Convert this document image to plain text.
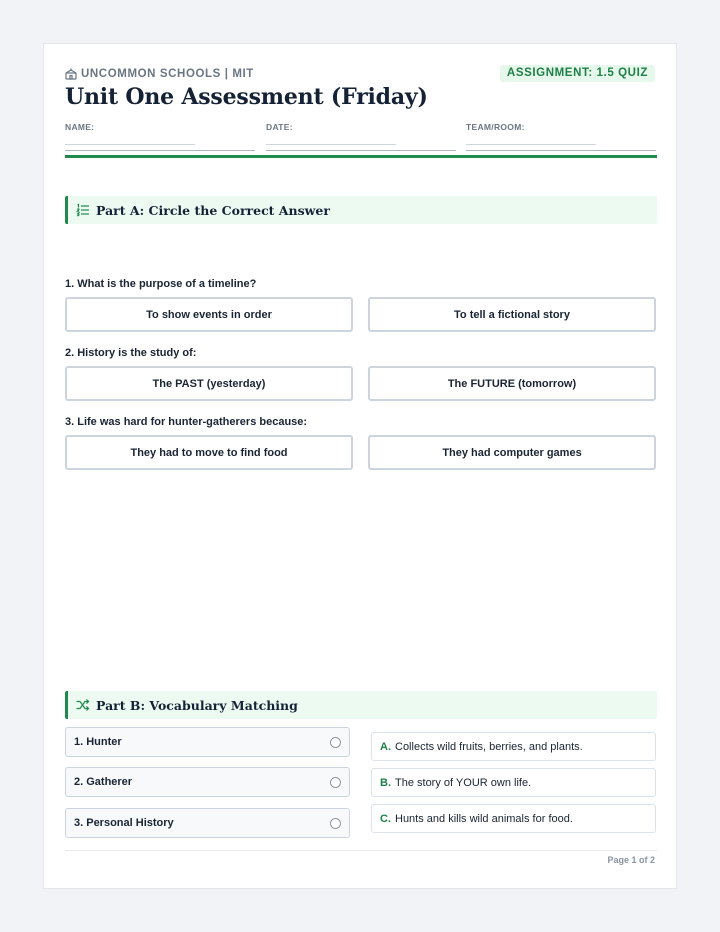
UNCOMMON SCHOOLS | MIT	ASSIGNMENT: 1.5 QUIZ
Unit One Assessment (Friday)
NAME:	DATE:	TEAM/ROOM:
Part A: Circle the Correct Answer
1. What is the purpose of a timeline?
To show events in order	To tell a fictional story
2. History is the study of:
The PAST (yesterday)	The FUTURE (tomorrow)
3. Life was hard for hunter-gatherers because:
They had to move to find food	They had computer games
Part B: Vocabulary Matching
1. Hunter
2. Gatherer
3. Personal History
A. Collects wild fruits, berries, and plants.
B. The story of YOUR own life.
C. Hunts and kills wild animals for food.
Page 1 of 2
